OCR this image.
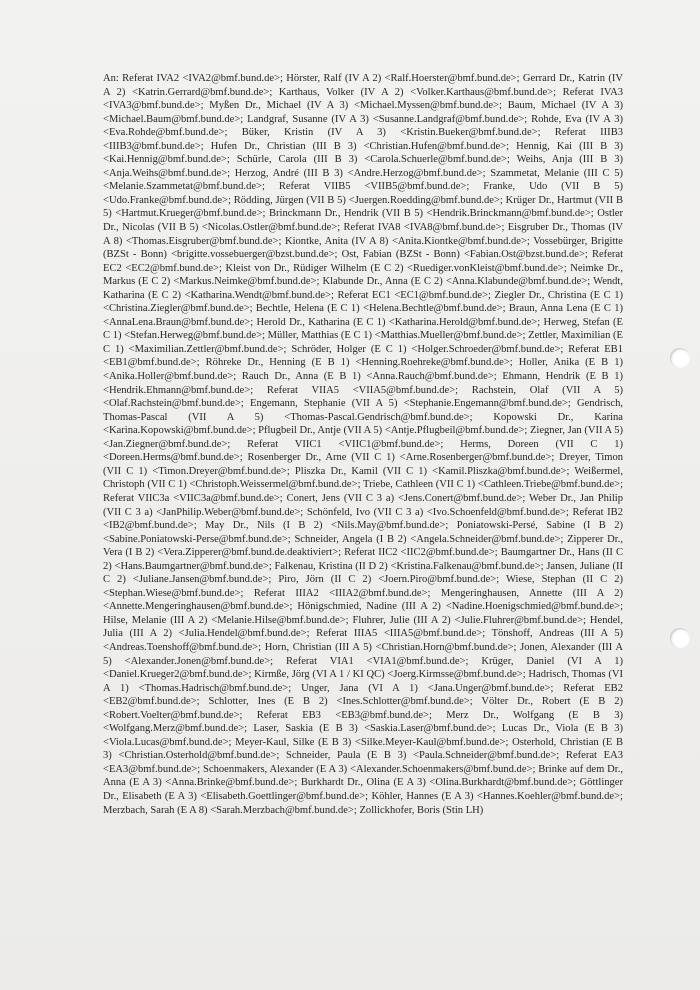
An: Referat IVA2 <IVA2@bmf.bund.de>; Hörster, Ralf (IV A 2) <Ralf.Hoerster@bmf.bund.de>; Gerrard Dr., Katrin (IV A 2) <Katrin.Gerrard@bmf.bund.de>; Karthaus, Volker (IV A 2) <Volker.Karthaus@bmf.bund.de>; Referat IVA3 <IVA3@bmf.bund.de>; Myßen Dr., Michael (IV A 3) <Michael.Myssen@bmf.bund.de>; Baum, Michael (IV A 3) <Michael.Baum@bmf.bund.de>; Landgraf, Susanne (IV A 3) <Susanne.Landgraf@bmf.bund.de>; Rohde, Eva (IV A 3) <Eva.Rohde@bmf.bund.de>; Büker, Kristin (IV A 3) <Kristin.Bueker@bmf.bund.de>; Referat IIIB3 <IIIB3@bmf.bund.de>; Hufen Dr., Christian (III B 3) <Christian.Hufen@bmf.bund.de>; Hennig, Kai (III B 3) <Kai.Hennig@bmf.bund.de>; Schürle, Carola (III B 3) <Carola.Schuerle@bmf.bund.de>; Weihs, Anja (III B 3) <Anja.Weihs@bmf.bund.de>; Herzog, André (III B 3) <Andre.Herzog@bmf.bund.de>; Szammetat, Melanie (III C 5) <Melanie.Szammetat@bmf.bund.de>; Referat VIIB5 <VIIB5@bmf.bund.de>; Franke, Udo (VII B 5) <Udo.Franke@bmf.bund.de>; Rödding, Jürgen (VII B 5) <Juergen.Roedding@bmf.bund.de>; Krüger Dr., Hartmut (VII B 5) <Hartmut.Krueger@bmf.bund.de>; Brinckmann Dr., Hendrik (VII B 5) <Hendrik.Brinckmann@bmf.bund.de>; Ostler Dr., Nicolas (VII B 5) <Nicolas.Ostler@bmf.bund.de>; Referat IVA8 <IVA8@bmf.bund.de>; Eisgruber Dr., Thomas (IV A 8) <Thomas.Eisgruber@bmf.bund.de>; Kiontke, Anita (IV A 8) <Anita.Kiontke@bmf.bund.de>; Vossebürger, Brigitte (BZSt - Bonn) <brigitte.vossebuerger@bzst.bund.de>; Ost, Fabian (BZSt - Bonn) <Fabian.Ost@bzst.bund.de>; Referat EC2 <EC2@bmf.bund.de>; Kleist von Dr., Rüdiger Wilhelm (E C 2) <Ruediger.vonKleist@bmf.bund.de>; Neimke Dr., Markus (E C 2) <Markus.Neimke@bmf.bund.de>; Klabunde Dr., Anna (E C 2) <Anna.Klabunde@bmf.bund.de>; Wendt, Katharina (E C 2) <Katharina.Wendt@bmf.bund.de>; Referat EC1 <EC1@bmf.bund.de>; Ziegler Dr., Christina (E C 1) <Christina.Ziegler@bmf.bund.de>; Bechtle, Helena (E C 1) <Helena.Bechtle@bmf.bund.de>; Braun, Anna Lena (E C 1) <AnnaLena.Braun@bmf.bund.de>; Herold Dr., Katharina (E C 1) <Katharina.Herold@bmf.bund.de>; Herweg, Stefan (E C 1) <Stefan.Herweg@bmf.bund.de>; Müller, Matthias (E C 1) <Matthias.Mueller@bmf.bund.de>; Zettler, Maximilian (E C 1) <Maximilian.Zettler@bmf.bund.de>; Schröder, Holger (E C 1) <Holger.Schroeder@bmf.bund.de>; Referat EB1 <EB1@bmf.bund.de>; Röhreke Dr., Henning (E B 1) <Henning.Roehreke@bmf.bund.de>; Holler, Anika (E B 1) <Anika.Holler@bmf.bund.de>; Rauch Dr., Anna (E B 1) <Anna.Rauch@bmf.bund.de>; Ehmann, Hendrik (E B 1) <Hendrik.Ehmann@bmf.bund.de>; Referat VIIA5 <VIIA5@bmf.bund.de>; Rachstein, Olaf (VII A 5) <Olaf.Rachstein@bmf.bund.de>; Engemann, Stephanie (VII A 5) <Stephanie.Engemann@bmf.bund.de>; Gendrisch, Thomas-Pascal (VII A 5) <Thomas-Pascal.Gendrisch@bmf.bund.de>; Kopowski Dr., Karina <Karina.Kopowski@bmf.bund.de>; Pflugbeil Dr., Antje (VII A 5) <Antje.Pflugbeil@bmf.bund.de>; Ziegner, Jan (VII A 5) <Jan.Ziegner@bmf.bund.de>; Referat VIIC1 <VIIC1@bmf.bund.de>; Herms, Doreen (VII C 1) <Doreen.Herms@bmf.bund.de>; Rosenberger Dr., Arne (VII C 1) <Arne.Rosenberger@bmf.bund.de>; Dreyer, Timon (VII C 1) <Timon.Dreyer@bmf.bund.de>; Pliszka Dr., Kamil (VII C 1) <Kamil.Pliszka@bmf.bund.de>; Weißermel, Christoph (VII C 1) <Christoph.Weissermel@bmf.bund.de>; Triebe, Cathleen (VII C 1) <Cathleen.Triebe@bmf.bund.de>; Referat VIIC3a <VIIC3a@bmf.bund.de>; Conert, Jens (VII C 3 a) <Jens.Conert@bmf.bund.de>; Weber Dr., Jan Philip (VII C 3 a) <JanPhilip.Weber@bmf.bund.de>; Schönfeld, Ivo (VII C 3 a) <Ivo.Schoenfeld@bmf.bund.de>; Referat IB2 <IB2@bmf.bund.de>; May Dr., Nils (I B 2) <Nils.May@bmf.bund.de>; Poniatowski-Persé, Sabine (I B 2) <Sabine.Poniatowski-Perse@bmf.bund.de>; Schneider, Angela (I B 2) <Angela.Schneider@bmf.bund.de>; Zipperer Dr., Vera (I B 2) <Vera.Zipperer@bmf.bund.de.deaktiviert>; Referat IIC2 <IIC2@bmf.bund.de>; Baumgartner Dr., Hans (II C 2) <Hans.Baumgartner@bmf.bund.de>; Falkenau, Kristina (II D 2) <Kristina.Falkenau@bmf.bund.de>; Jansen, Juliane (II C 2) <Juliane.Jansen@bmf.bund.de>; Piro, Jörn (II C 2) <Joern.Piro@bmf.bund.de>; Wiese, Stephan (II C 2) <Stephan.Wiese@bmf.bund.de>; Referat IIIA2 <IIIA2@bmf.bund.de>; Mengeringhausen, Annette (III A 2) <Annette.Mengeringhausen@bmf.bund.de>; Hönigschmied, Nadine (III A 2) <Nadine.Hoenigschmied@bmf.bund.de>; Hilse, Melanie (III A 2) <Melanie.Hilse@bmf.bund.de>; Fluhrer, Julie (III A 2) <Julie.Fluhrer@bmf.bund.de>; Hendel, Julia (III A 2) <Julia.Hendel@bmf.bund.de>; Referat IIIA5 <IIIA5@bmf.bund.de>; Tönshoff, Andreas (III A 5) <Andreas.Toenshoff@bmf.bund.de>; Horn, Christian (III A 5) <Christian.Horn@bmf.bund.de>; Jonen, Alexander (III A 5) <Alexander.Jonen@bmf.bund.de>; Referat VIA1 <VIA1@bmf.bund.de>; Krüger, Daniel (VI A 1) <Daniel.Krueger2@bmf.bund.de>; Kirmße, Jörg (VI A 1 / KI QC) <Joerg.Kirmsse@bmf.bund.de>; Hadrisch, Thomas (VI A 1) <Thomas.Hadrisch@bmf.bund.de>; Unger, Jana (VI A 1) <Jana.Unger@bmf.bund.de>; Referat EB2 <EB2@bmf.bund.de>; Schlotter, Ines (E B 2) <Ines.Schlotter@bmf.bund.de>; Völter Dr., Robert (E B 2) <Robert.Voelter@bmf.bund.de>; Referat EB3 <EB3@bmf.bund.de>; Merz Dr., Wolfgang (E B 3) <Wolfgang.Merz@bmf.bund.de>; Laser, Saskia (E B 3) <Saskia.Laser@bmf.bund.de>; Lucas Dr., Viola (E B 3) <Viola.Lucas@bmf.bund.de>; Meyer-Kaul, Silke (E B 3) <Silke.Meyer-Kaul@bmf.bund.de>; Osterhold, Christian (E B 3) <Christian.Osterhold@bmf.bund.de>; Schneider, Paula (E B 3) <Paula.Schneider@bmf.bund.de>; Referat EA3 <EA3@bmf.bund.de>; Schoenmakers, Alexander (E A 3) <Alexander.Schoenmakers@bmf.bund.de>; Brinke auf dem Dr., Anna (E A 3) <Anna.Brinke@bmf.bund.de>; Burkhardt Dr., Olina (E A 3) <Olina.Burkhardt@bmf.bund.de>; Göttlinger Dr., Elisabeth (E A 3) <Elisabeth.Goettlinger@bmf.bund.de>; Köhler, Hannes (E A 3) <Hannes.Koehler@bmf.bund.de>; Merzbach, Sarah (E A 8) <Sarah.Merzbach@bmf.bund.de>; Zollickhofer, Boris (Stin LH)
